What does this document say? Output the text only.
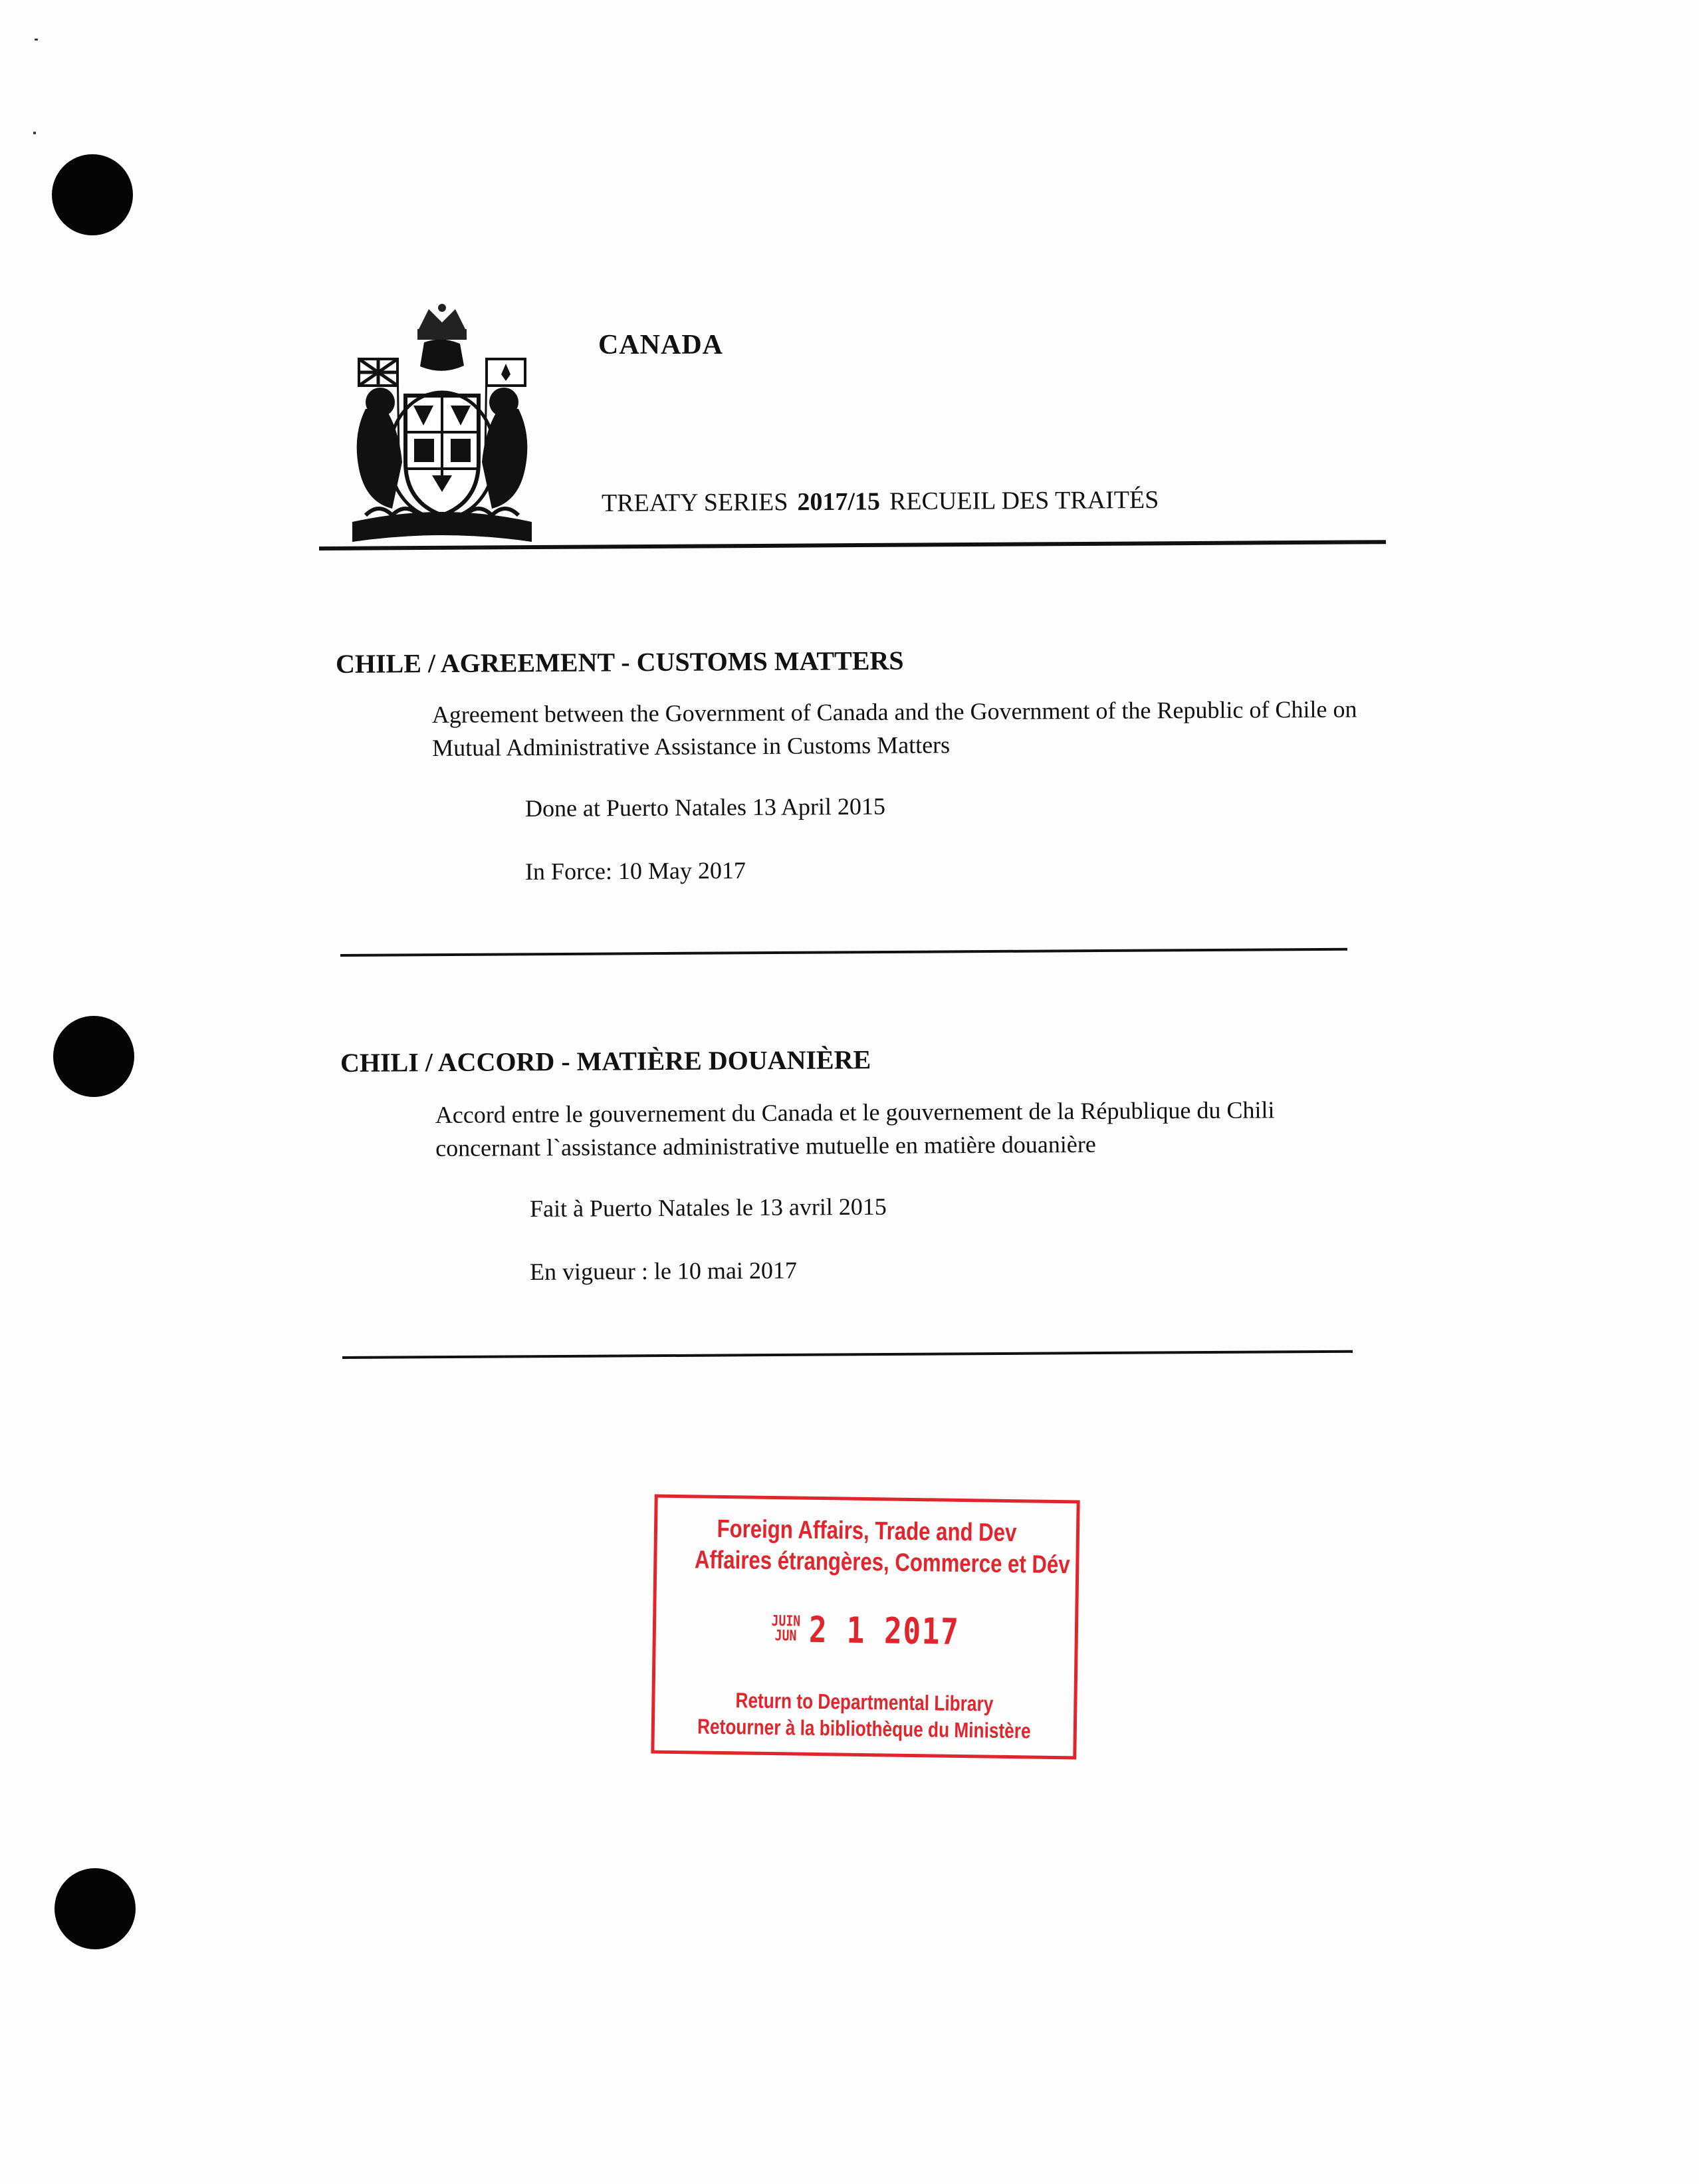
CANADA
TREATY SERIES 2017/15 RECUEIL DES TRAITÉS
CHILE / AGREEMENT - CUSTOMS MATTERS
Agreement between the Government of Canada and the Government of the Republic of Chile on Mutual Administrative Assistance in Customs Matters
Done at Puerto Natales 13 April 2015
In Force: 10 May 2017
CHILI / ACCORD - MATIÈRE DOUANIÈRE
Accord entre le gouvernement du Canada et le gouvernement de la République du Chili concernant l`assistance administrative mutuelle en matière douanière
Fait à Puerto Natales le 13 avril 2015
En vigueur : le 10 mai 2017
Foreign Affairs, Trade and Dev
Affaires étrangères, Commerce et Dév
JUIN
JUN 2 1 2017
Return to Departmental Library
Retourner à la bibliothèque du Ministère
